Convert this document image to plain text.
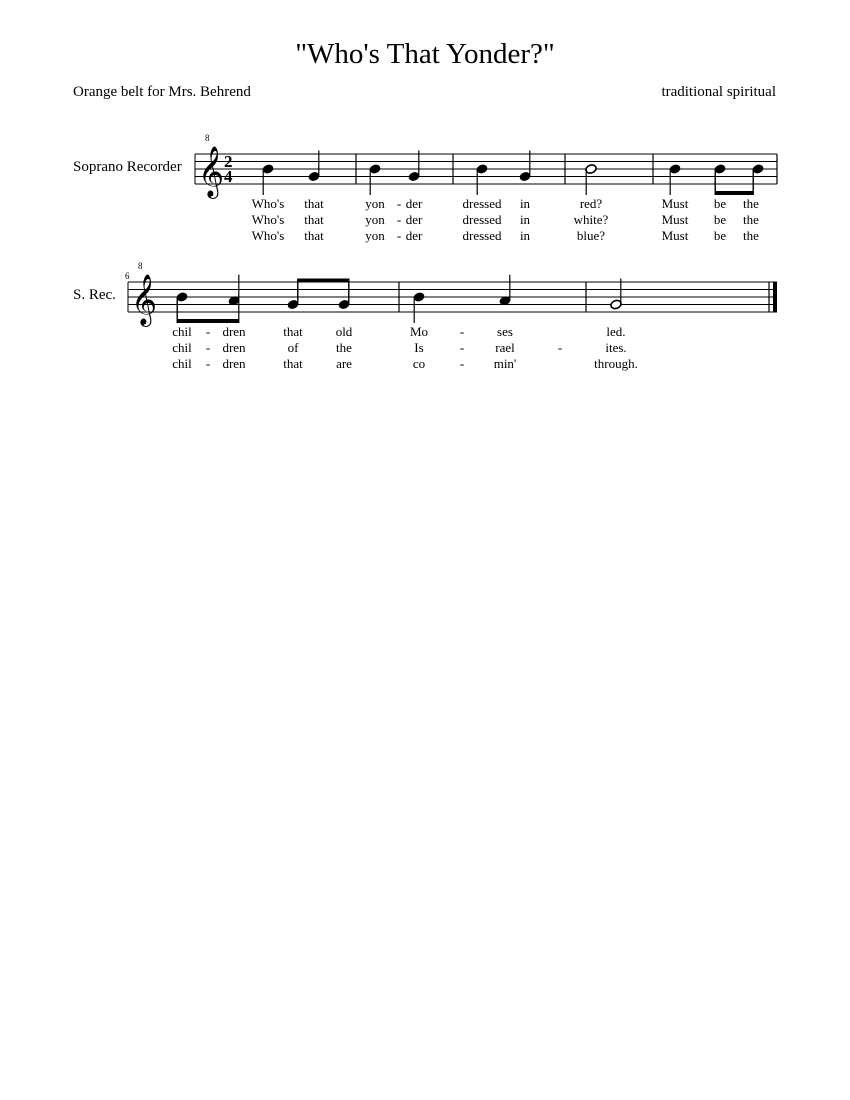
"Who's That Yonder?"
Orange belt for Mrs. Behrend	traditional spiritual
Soprano Recorder
S. Rec.
𝄞
8
2
4
𝄞
8
6
Who's that	yon - der	dressed in	red?	Must be the
Who's that	yon - der	dressed in	white?	Must be the
Who's that	yon - der	dressed in	blue?	Must be the
chil - dren	that	old	Mo -	ses	led.
chil - dren	of	the	Is	- rael	-	ites.
chil - dren	that	are	co	- min'	through.
